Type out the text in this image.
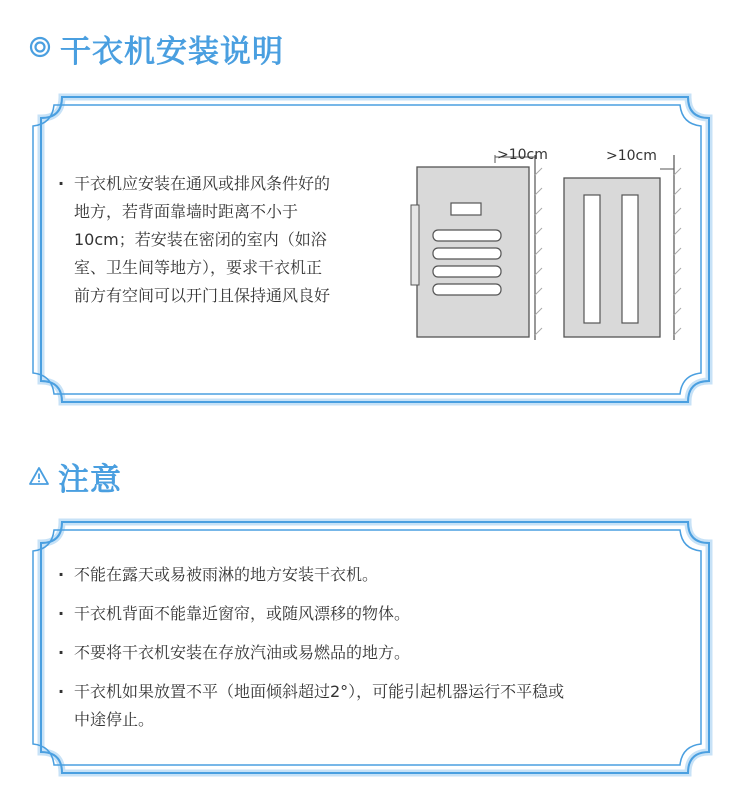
干衣机安装说明
· 干衣机应安装在通风或排风条件好的
地方，若背面靠墙时距离不小于
10cm；若安装在密闭的室内（如浴
室、卫生间等地方），要求干衣机正
前方有空间可以开门且保持通风良好
>10cm	>10cm
注意
· 不能在露天或易被雨淋的地方安装干衣机。
· 干衣机背面不能靠近窗帘，或随风漂移的物体。
· 不要将干衣机安装在存放汽油或易燃品的地方。
· 干衣机如果放置不平（地面倾斜超过2°），可能引起机器运行不平稳或
中途停止。
